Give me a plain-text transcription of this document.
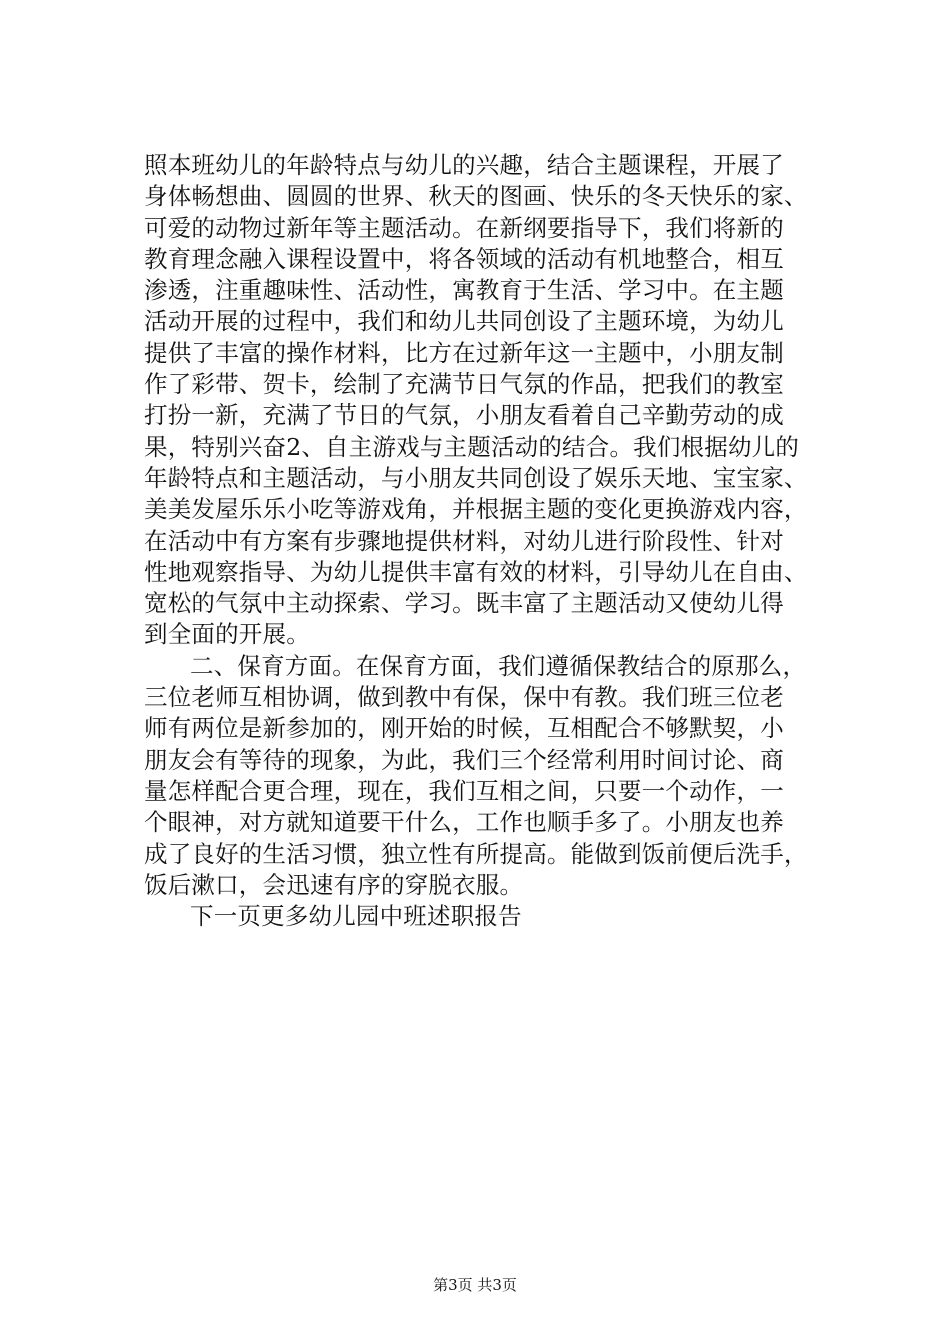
照本班幼儿的年龄特点与幼儿的兴趣，结合主题课程，开展了
身体畅想曲、圆圆的世界、秋天的图画、快乐的冬天快乐的家、
可爱的动物过新年等主题活动。在新纲要指导下，我们将新的
教育理念融入课程设置中，将各领域的活动有机地整合，相互
渗透，注重趣味性、活动性，寓教育于生活、学习中。在主题
活动开展的过程中，我们和幼儿共同创设了主题环境，为幼儿
提供了丰富的操作材料，比方在过新年这一主题中，小朋友制
作了彩带、贺卡，绘制了充满节日气氛的作品，把我们的教室
打扮一新，充满了节日的气氛，小朋友看着自己辛勤劳动的成
果，特别兴奋2、自主游戏与主题活动的结合。我们根据幼儿的
年龄特点和主题活动，与小朋友共同创设了娱乐天地、宝宝家、
美美发屋乐乐小吃等游戏角，并根据主题的变化更换游戏内容，
在活动中有方案有步骤地提供材料，对幼儿进行阶段性、针对
性地观察指导、为幼儿提供丰富有效的材料，引导幼儿在自由、
宽松的气氛中主动探索、学习。既丰富了主题活动又使幼儿得
到全面的开展。
二、保育方面。在保育方面，我们遵循保教结合的原那么，
三位老师互相协调，做到教中有保，保中有教。我们班三位老
师有两位是新参加的，刚开始的时候，互相配合不够默契，小
朋友会有等待的现象，为此，我们三个经常利用时间讨论、商
量怎样配合更合理，现在，我们互相之间，只要一个动作，一
个眼神，对方就知道要干什么，工作也顺手多了。小朋友也养
成了良好的生活习惯，独立性有所提高。能做到饭前便后洗手，
饭后漱口，会迅速有序的穿脱衣服。
下一页更多幼儿园中班述职报告
第3页 共3页
